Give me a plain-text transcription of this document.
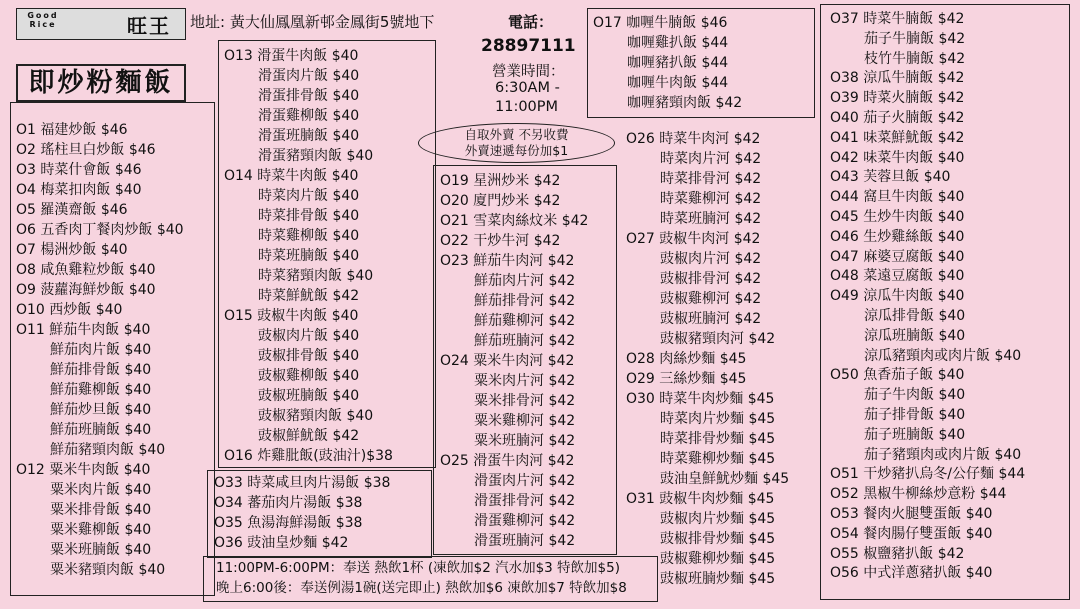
Good Rice	旺王
即炒粉麵飯
地址: 黃大仙鳳凰新邨金鳳街5號地下	電話：
28897111
營業時間：
6:30AM -
11:00PM
自取外賣 不另收費
外賣速遞每份加$1
O1 福建炒飯 $46
O2 瑤柱旦白炒飯 $46
O3 時菜什會飯 $46
O4 梅菜扣肉飯 $40
O5 羅漢齋飯 $46
O6 五香肉丁餐肉炒飯 $40
O7 楊洲炒飯 $40
O8 咸魚雞粒炒飯 $40
O9 菠蘿海鮮炒飯 $40
O10 西炒飯 $40
O11 鮮茄牛肉飯 $40
鮮茄肉片飯 $40
鮮茄排骨飯 $40
鮮茄雞柳飯 $40
鮮茄炒旦飯 $40
鮮茄班腩飯 $40
鮮茄豬頸肉飯 $40
O12 粟米牛肉飯 $40
粟米肉片飯 $40
粟米排骨飯 $40
粟米雞柳飯 $40
粟米班腩飯 $40
粟米豬頸肉飯 $40
O13 滑蛋牛肉飯 $40
滑蛋肉片飯 $40
滑蛋排骨飯 $40
滑蛋雞柳飯 $40
滑蛋班腩飯 $40
滑蛋豬頸肉飯 $40
O14 時菜牛肉飯 $40
時菜肉片飯 $40
時菜排骨飯 $40
時菜雞柳飯 $40
時菜班腩飯 $40
時菜豬頸肉飯 $40
時菜鮮魷飯 $42
O15 豉椒牛肉飯 $40
豉椒肉片飯 $40
豉椒排骨飯 $40
豉椒雞柳飯 $40
豉椒班腩飯 $40
豉椒豬頸肉飯 $40
豉椒鮮魷飯 $42
O16 炸雞肶飯(豉油汁)$38
O33 時菜咸旦肉片湯飯 $38
O34 蕃茄肉片湯飯 $38
O35 魚湯海鮮湯飯 $38
O36 豉油皇炒麵 $42
O17 咖喱牛腩飯 $46
咖喱雞扒飯 $44
咖喱豬扒飯 $44
咖喱牛肉飯 $44
咖喱豬頸肉飯 $42
O19 星洲炒米 $42
O20 廈門炒米 $42
O21 雪菜肉絲炆米 $42
O22 干炒牛河 $42
O23 鮮茄牛肉河 $42
鮮茄肉片河 $42
鮮茄排骨河 $42
鮮茄雞柳河 $42
鮮茄班腩河 $42
O24 粟米牛肉河 $42
粟米肉片河 $42
粟米排骨河 $42
粟米雞柳河 $42
粟米班腩河 $42
O25 滑蛋牛肉河 $42
滑蛋肉片河 $42
滑蛋排骨河 $42
滑蛋雞柳河 $42
滑蛋班腩河 $42
O26 時菜牛肉河 $42
時菜肉片河 $42
時菜排骨河 $42
時菜雞柳河 $42
時菜班腩河 $42
O27 豉椒牛肉河 $42
豉椒肉片河 $42
豉椒排骨河 $42
豉椒雞柳河 $42
豉椒班腩河 $42
豉椒豬頸肉河 $42
O28 肉絲炒麵 $45
O29 三絲炒麵 $45
O30 時菜牛肉炒麵 $45
時菜肉片炒麵 $45
時菜排骨炒麵 $45
時菜雞柳炒麵 $45
豉油皇鮮魷炒麵 $45
O31 豉椒牛肉炒麵 $45
豉椒肉片炒麵 $45
豉椒排骨炒麵 $45
豉椒雞柳炒麵 $45
豉椒班腩炒麵 $45
O37 時菜牛腩飯 $42
茄子牛腩飯 $42
枝竹牛腩飯 $42
O38 涼瓜牛腩飯 $42
O39 時菜火腩飯 $42
O40 茄子火腩飯 $42
O41 味菜鮮魷飯 $42
O42 味菜牛肉飯 $40
O43 芙蓉旦飯 $40
O44 窩旦牛肉飯 $40
O45 生炒牛肉飯 $40
O46 生炒雞絲飯 $40
O47 麻婆豆腐飯 $40
O48 菜遠豆腐飯 $40
O49 涼瓜牛肉飯 $40
涼瓜排骨飯 $40
涼瓜班腩飯 $40
涼瓜豬頸肉或肉片飯 $40
O50 魚香茄子飯 $40
茄子牛肉飯 $40
茄子排骨飯 $40
茄子班腩飯 $40
茄子豬頸肉或肉片飯 $40
O51 干炒豬扒烏冬/公仔麵 $44
O52 黑椒牛柳絲炒意粉 $44
O53 餐肉火腿雙蛋飯 $40
O54 餐肉腸仔雙蛋飯 $40
O55 椒鹽豬扒飯 $42
O56 中式洋蔥豬扒飯 $40
11:00PM-6:00PM：奉送 熱飲1杯 (凍飲加$2 汽水加$3 特飲加$5)
晚上6:00後：奉送例湯1碗(送完即止) 熱飲加$6 凍飲加$7 特飲加$8
